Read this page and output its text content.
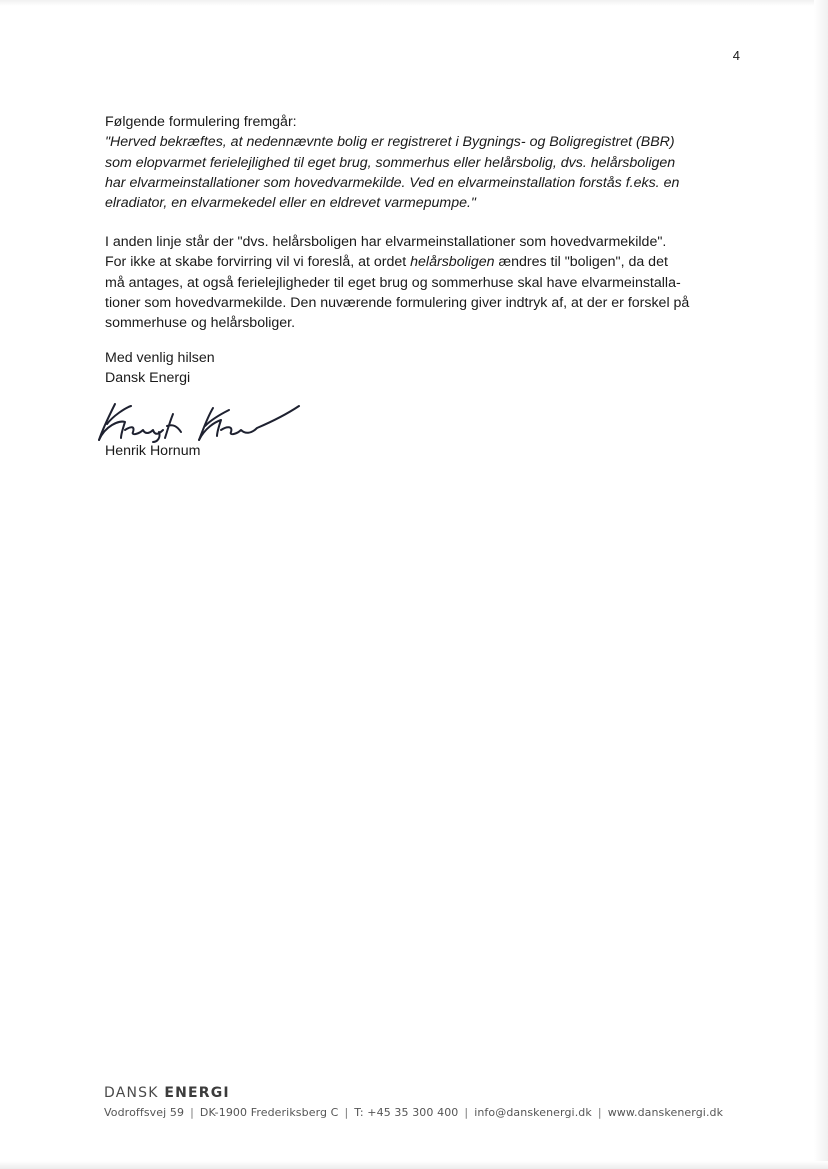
4

Følgende formulering fremgår:

"Herved bekræftes, at nedennævnte bolig er registreret i Bygnings- og Boligregistret (BBR)

som elopvarmet ferielejlighed til eget brug, sommerhus eller helårsbolig, dvs. helårsboligen

har elvarmeinstallationer som hovedvarmekilde. Ved en elvarmeinstallation forstås f.eks. en

elradiator, en elvarmekedel eller en eldrevet varmepumpe."

I anden linje står der "dvs. helårsboligen har elvarmeinstallationer som hovedvarmekilde".

For ikke at skabe forvirring vil vi foreslå, at ordet helårsboligen ændres til "boligen", da det

må antages, at også ferielejligheder til eget brug og sommerhuse skal have elvarmeinstalla-

tioner som hovedvarmekilde. Den nuværende formulering giver indtryk af, at der er forskel på

sommerhuse og helårsboliger.

Med venlig hilsen

Dansk Energi

Henrik Hornum
DANSK ENERGI
Vodroffsvej 59 | DK-1900 Frederiksberg C | T: +45 35 300 400 | info@danskenergi.dk | www.danskenergi.dk
